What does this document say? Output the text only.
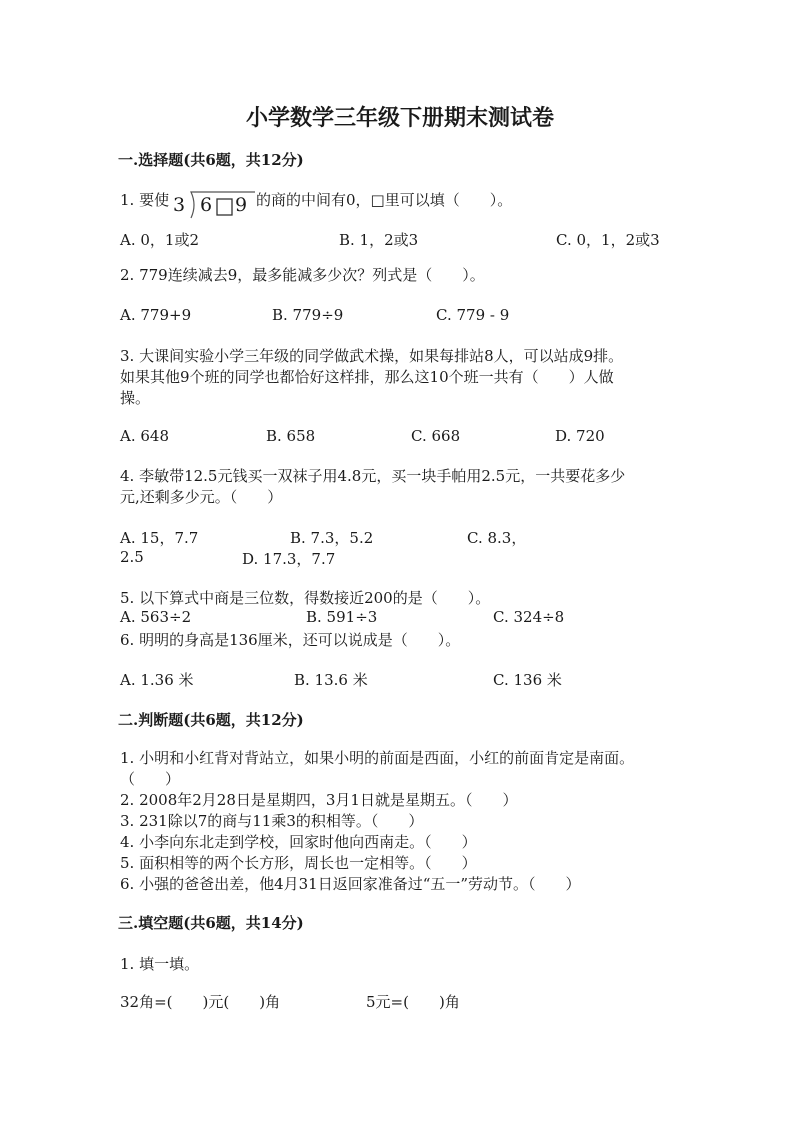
小学数学三年级下册期末测试卷
一.选择题(共6题，共12分)
1. 要使 3 6 9 的商的中间有0，□里可以填（　　）。
A. 0，1或2	B. 1，2或3	C. 0，1，2或3
2. 779连续减去9，最多能减多少次？列式是（　　）。
A. 779+9	B. 779÷9	C. 779 - 9
3. 大课间实验小学三年级的同学做武术操，如果每排站8人，可以站成9排。
如果其他9个班的同学也都恰好这样排，那么这10个班一共有（　　）人做
操。
A. 648	B. 658	C. 668	D. 720
4. 李敏带12.5元钱买一双袜子用4.8元，买一块手帕用2.5元，一共要花多少
元,还剩多少元。（　　）
A. 15，7.7	B. 7.3，5.2	C. 8.3，
2.5	D. 17.3，7.7
5. 以下算式中商是三位数，得数接近200的是（　　）。
A. 563÷2	B. 591÷3	C. 324÷8
6. 明明的身高是136厘米，还可以说成是（　　）。
A. 1.36 米	B. 13.6 米	C. 136 米
二.判断题(共6题，共12分)
1. 小明和小红背对背站立，如果小明的前面是西面，小红的前面肯定是南面。
（　　）
2. 2008年2月28日是星期四，3月1日就是星期五。（　　）
3. 231除以7的商与11乘3的积相等。（　　）
4. 小李向东北走到学校，回家时他向西南走。（　　）
5. 面积相等的两个长方形，周长也一定相等。（　　）
6. 小强的爸爸出差，他4月31日返回家准备过“五一”劳动节。（　　）
三.填空题(共6题，共14分)
1. 填一填。
32角=(　　)元(　　)角	5元=(　　)角
